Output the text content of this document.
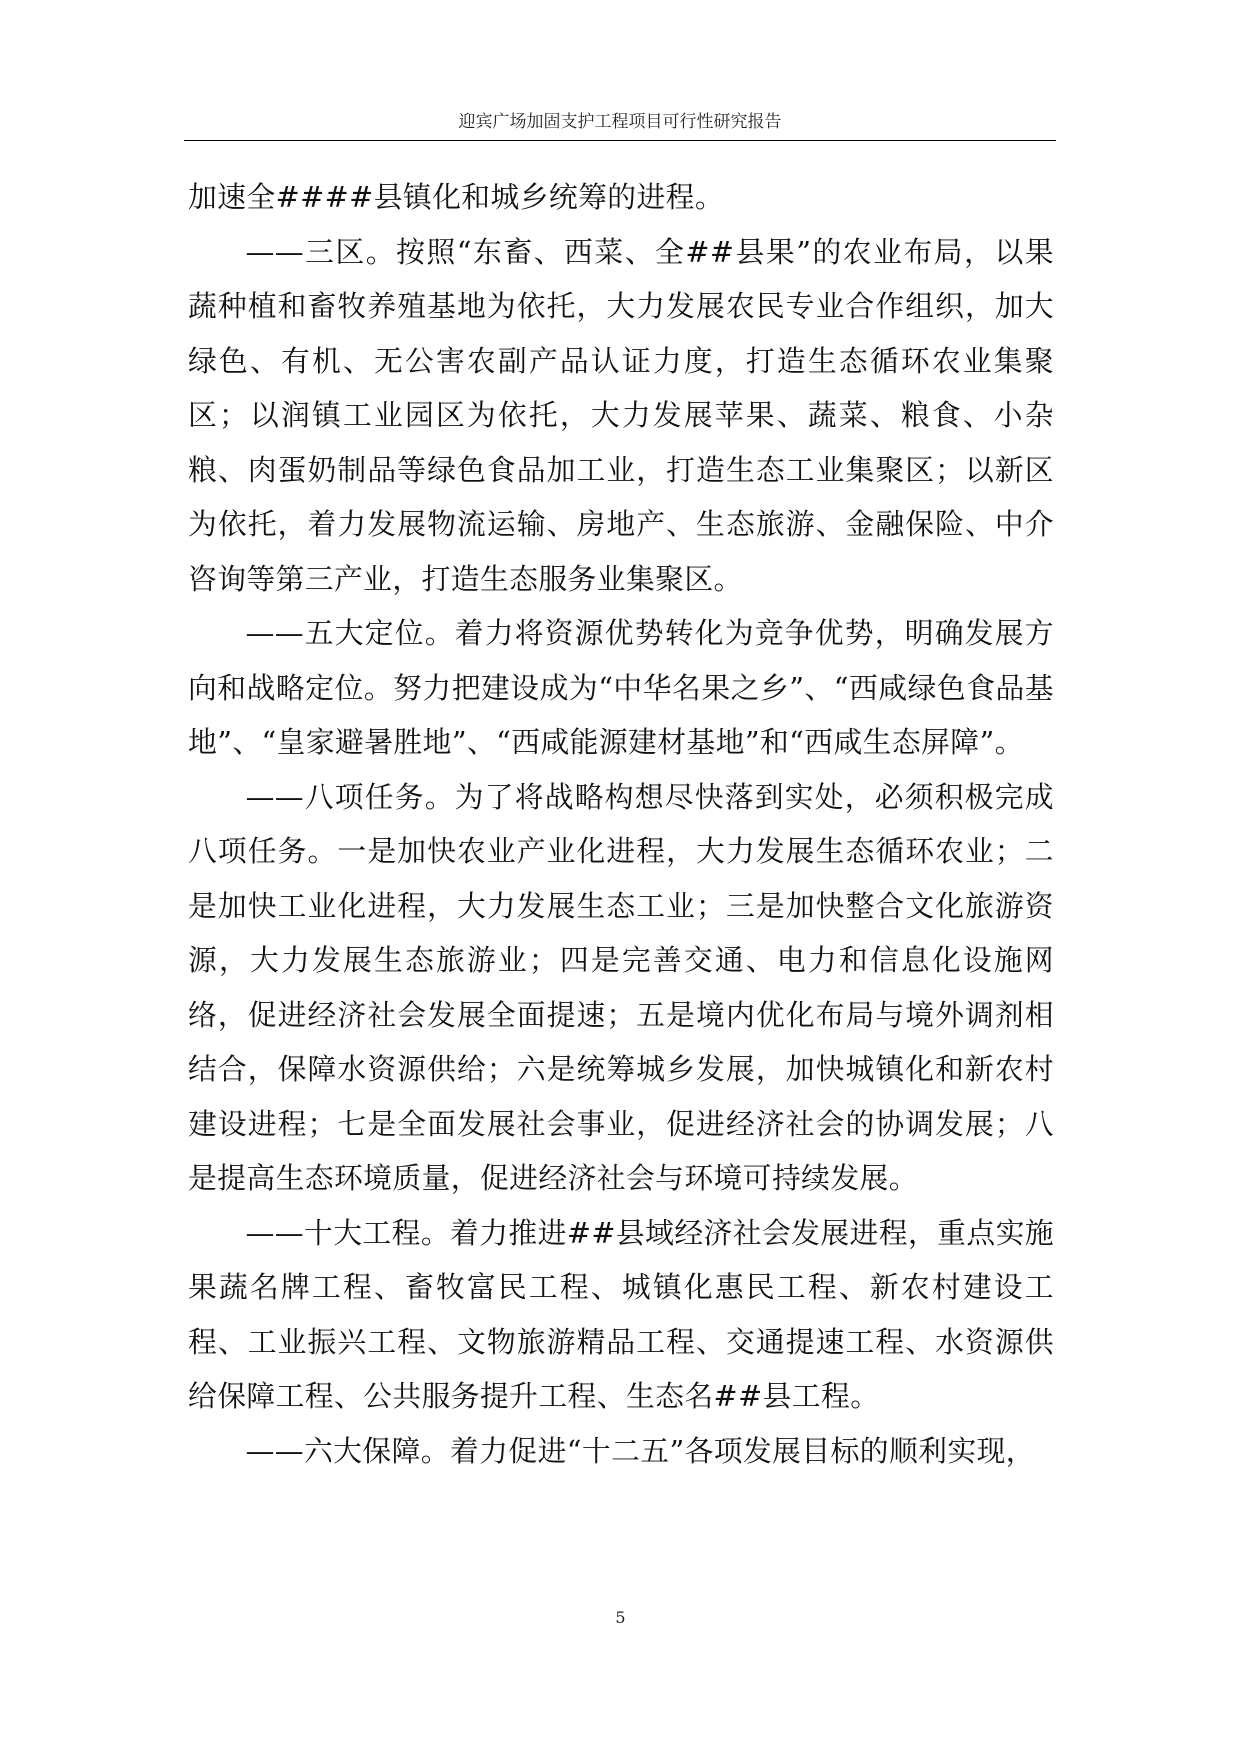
迎宾广场加固支护工程项目可行性研究报告

加速全####县镇化和城乡统筹的进程。

——三区。按照“东畜、西菜、全##县果”的农业布局，以果蔬种植和畜牧养殖基地为依托，大力发展农民专业合作组织，加大绿色、有机、无公害农副产品认证力度，打造生态循环农业集聚区；以润镇工业园区为依托，大力发展苹果、蔬菜、粮食、小杂粮、肉蛋奶制品等绿色食品加工业，打造生态工业集聚区；以新区为依托，着力发展物流运输、房地产、生态旅游、金融保险、中介咨询等第三产业，打造生态服务业集聚区。

——五大定位。着力将资源优势转化为竞争优势，明确发展方向和战略定位。努力把建设成为“中华名果之乡”、“西咸绿色食品基地”、“皇家避暑胜地”、“西咸能源建材基地”和“西咸生态屏障”。

——八项任务。为了将战略构想尽快落到实处，必须积极完成八项任务。一是加快农业产业化进程，大力发展生态循环农业；二是加快工业化进程，大力发展生态工业；三是加快整合文化旅游资源，大力发展生态旅游业；四是完善交通、电力和信息化设施网络，促进经济社会发展全面提速；五是境内优化布局与境外调剂相结合，保障水资源供给；六是统筹城乡发展，加快城镇化和新农村建设进程；七是全面发展社会事业，促进经济社会的协调发展；八是提高生态环境质量，促进经济社会与环境可持续发展。

——十大工程。着力推进##县域经济社会发展进程，重点实施果蔬名牌工程、畜牧富民工程、城镇化惠民工程、新农村建设工程、工业振兴工程、文物旅游精品工程、交通提速工程、水资源供给保障工程、公共服务提升工程、生态名##县工程。

——六大保障。着力促进“十二五”各项发展目标的顺利实现，

5
